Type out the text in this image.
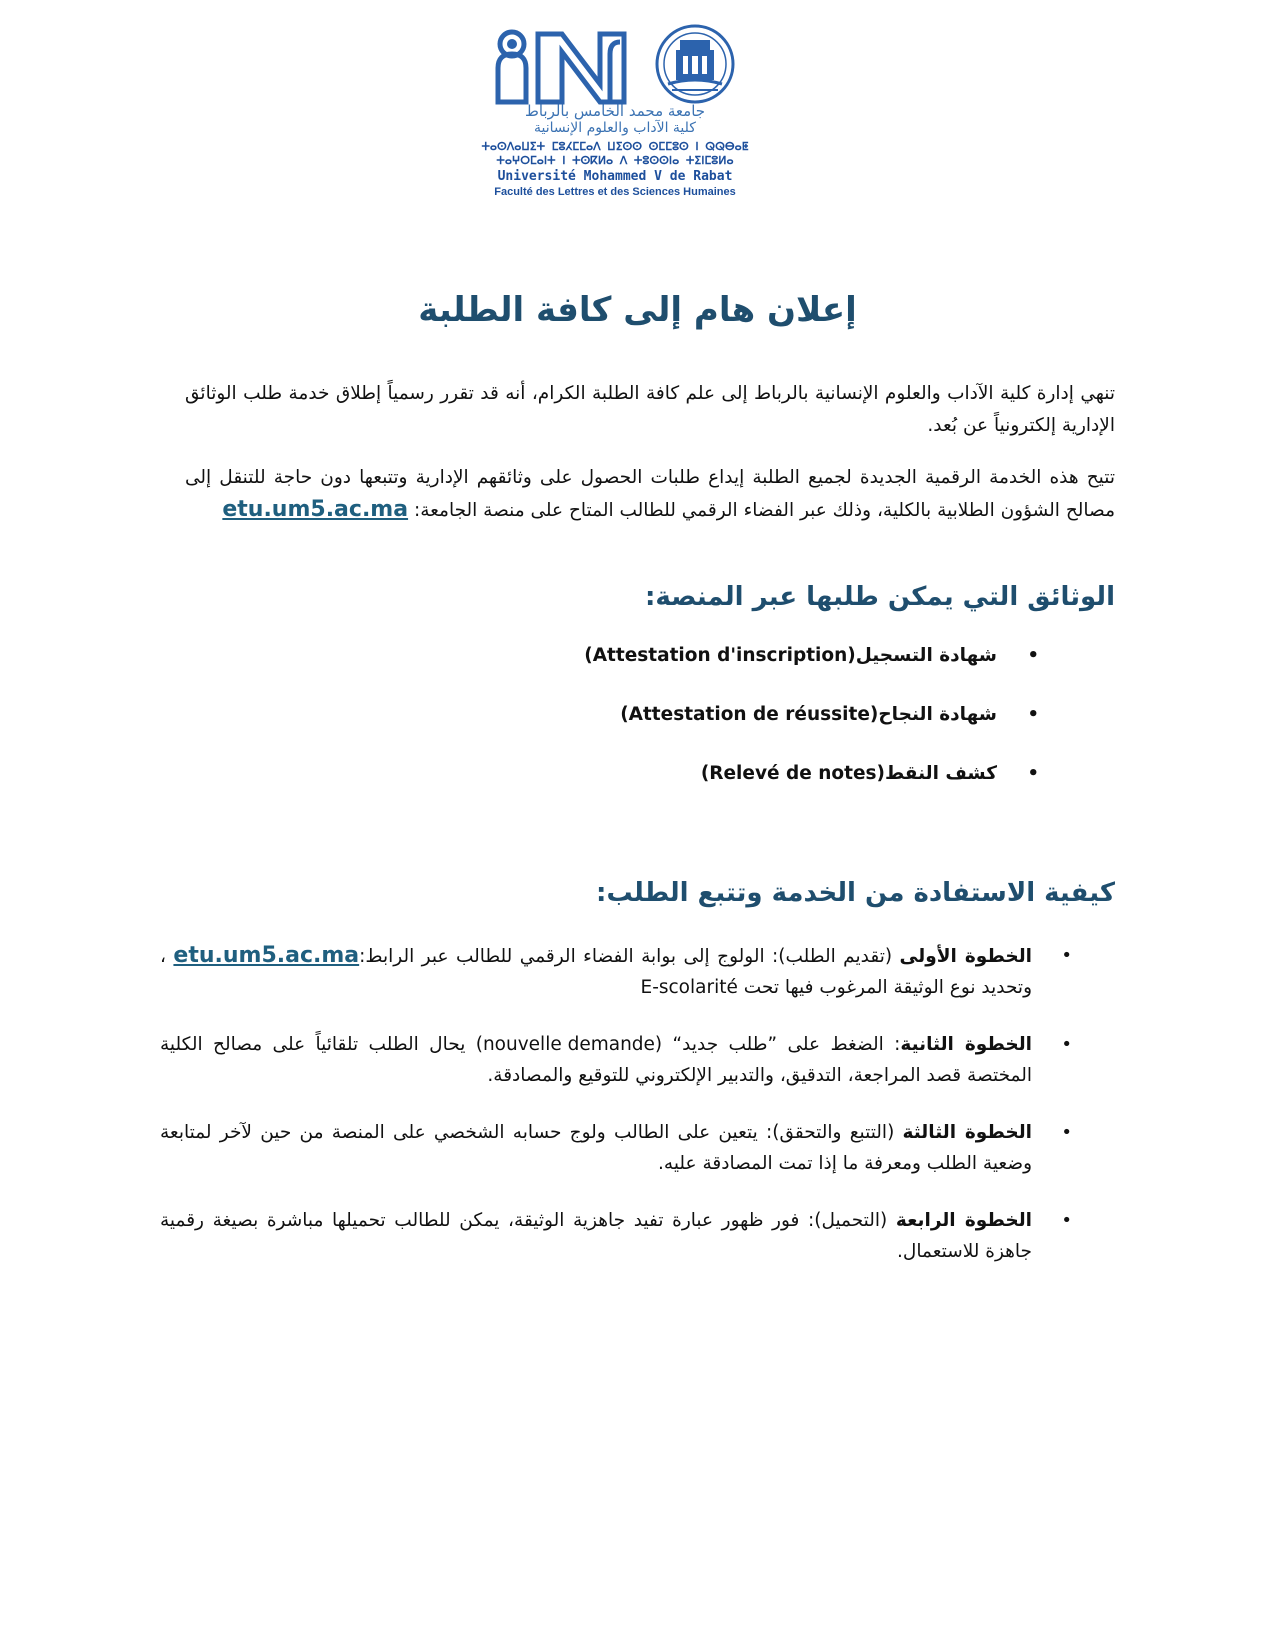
جامعة محمد الخامس بالرباط
كلية الآداب والعلوم الإنسانية
ⵜⴰⵙⴷⴰⵡⵉⵜ ⵎⵓⵃⵎⵎⴰⴷ ⵡⵉⵙⵙ ⵙⵎⵎⵓⵙ ⵏ ⵕⵕⴱⴰⵟ
ⵜⴰⵖⵔⵎⴰⵏⵜ ⵏ ⵜⵙⴽⵍⴰ ⴷ ⵜⵓⵙⵙⵏⴰ ⵜⵉⵏⵎⵓⵍⴰ
Université Mohammed V de Rabat
Faculté des Lettres et des Sciences Humaines
إعلان هام إلى كافة الطلبة

تنهي إدارة كلية الآداب والعلوم الإنسانية بالرباط إلى علم كافة الطلبة الكرام، أنه قد تقرر رسمياً إطلاق خدمة طلب الوثائق الإدارية إلكترونياً عن بُعد.

تتيح هذه الخدمة الرقمية الجديدة لجميع الطلبة إيداع طلبات الحصول على وثائقهم الإدارية وتتبعها دون حاجة للتنقل إلى مصالح الشؤون الطلابية بالكلية، وذلك عبر الفضاء الرقمي للطالب المتاح على منصة الجامعة: etu.um5.ac.ma

الوثائق التي يمكن طلبها عبر المنصة:
•
شهادة التسجيل(Attestation d'inscription)
•
شهادة النجاح(Attestation de réussite)
•
كشف النقط(Relevé de notes)
كيفية الاستفادة من الخدمة وتتبع الطلب:
•
الخطوة الأولى (تقديم الطلب): الولوج إلى بوابة الفضاء الرقمي للطالب عبر الرابط:etu.um5.ac.ma ، وتحديد نوع الوثيقة المرغوب فيها تحت E-scolarité
•
الخطوة الثانية: الضغط على ”طلب جديد“ (nouvelle demande) يحال الطلب تلقائياً على مصالح الكلية المختصة قصد المراجعة، التدقيق، والتدبير الإلكتروني للتوقيع والمصادقة.
•
الخطوة الثالثة (التتبع والتحقق): يتعين على الطالب ولوج حسابه الشخصي على المنصة من حين لآخر لمتابعة وضعية الطلب ومعرفة ما إذا تمت المصادقة عليه.
•
الخطوة الرابعة (التحميل): فور ظهور عبارة تفيد جاهزية الوثيقة، يمكن للطالب تحميلها مباشرة بصيغة رقمية جاهزة للاستعمال.
